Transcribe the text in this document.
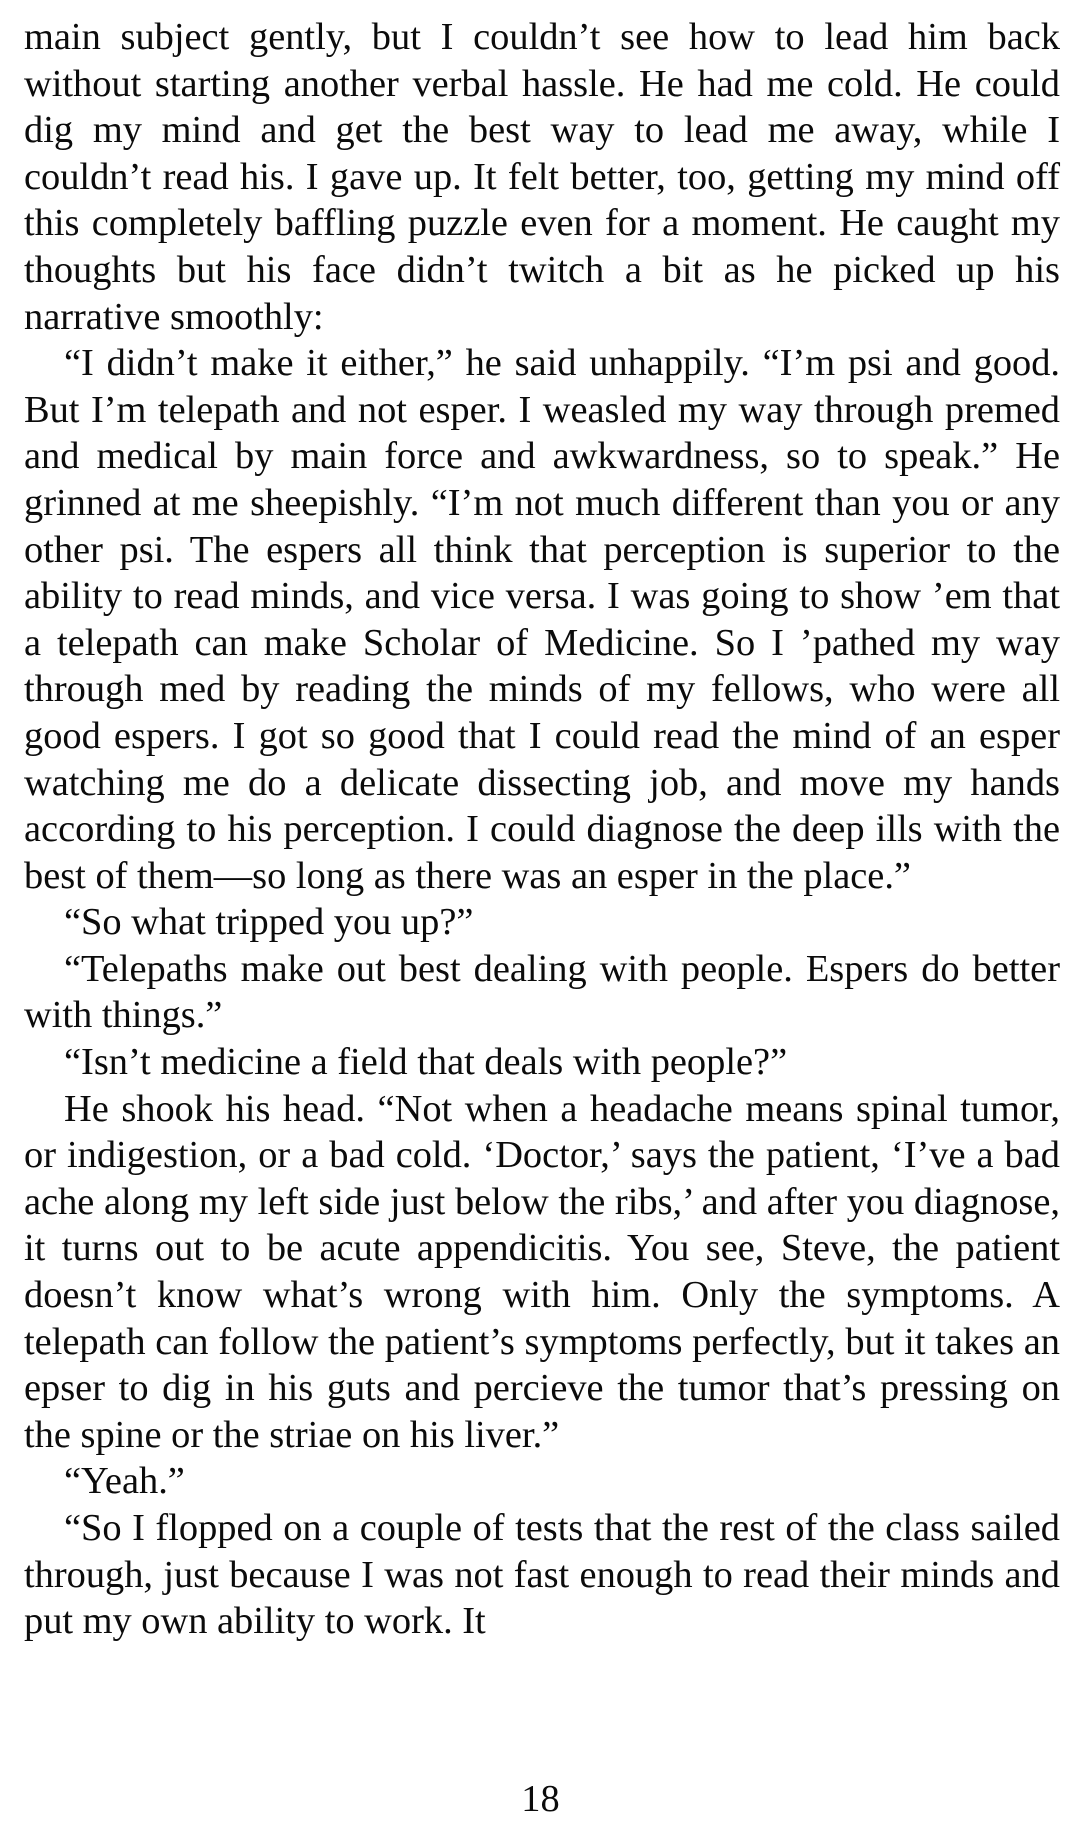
main subject gently, but I couldn’t see how to lead him back without starting another verbal hassle. He had me cold. He could dig my mind and get the best way to lead me away, while I couldn’t read his. I gave up. It felt better, too, getting my mind off this completely baffling puzzle even for a moment. He caught my thoughts but his face didn’t twitch a bit as he picked up his narrative smoothly:

“I didn’t make it either,” he said unhappily. “I’m psi and good. But I’m telepath and not esper. I weasled my way through premed and medical by main force and awkwardness, so to speak.” He grinned at me sheepishly. “I’m not much different than you or any other psi. The espers all think that perception is superior to the ability to read minds, and vice versa. I was going to show ’em that a telepath can make Scholar of Medicine. So I ’pathed my way through med by reading the minds of my fellows, who were all good espers. I got so good that I could read the mind of an esper watching me do a delicate dissecting job, and move my hands according to his perception. I could diagnose the deep ills with the best of them—so long as there was an esper in the place.”

“So what tripped you up?”

“Telepaths make out best dealing with people. Espers do better with things.”

“Isn’t medicine a field that deals with people?”

He shook his head. “Not when a headache means spinal tumor, or indigestion, or a bad cold. ‘Doctor,’ says the patient, ‘I’ve a bad ache along my left side just below the ribs,’ and after you diagnose, it turns out to be acute appendicitis. You see, Steve, the patient doesn’t know what’s wrong with him. Only the symptoms. A telepath can follow the patient’s symptoms perfectly, but it takes an epser to dig in his guts and percieve the tumor that’s pressing on the spine or the striae on his liver.”

“Yeah.”

“So I flopped on a couple of tests that the rest of the class sailed through, just because I was not fast enough to read their minds and put my own ability to work. It

18
